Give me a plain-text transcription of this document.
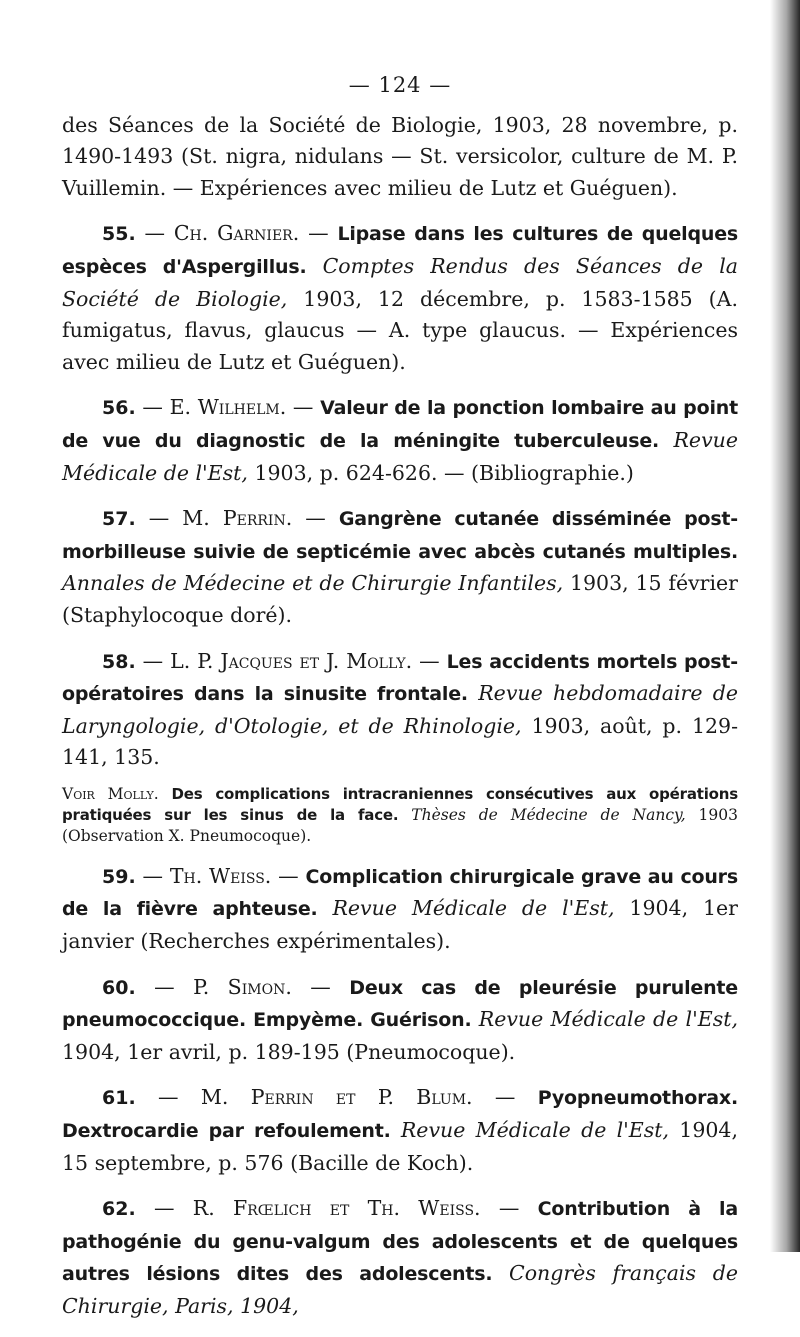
— 124 —

des Séances de la Société de Biologie, 1903, 28 novembre, p. 1490-1493 (St. nigra, nidulans — St. versicolor, culture de M. P. Vuillemin. — Expériences avec milieu de Lutz et Guéguen).

55. — Ch. Garnier. — Lipase dans les cultures de quelques espèces d'Aspergillus. Comptes Rendus des Séances de la Société de Biologie, 1903, 12 décembre, p. 1583-1585 (A. fumigatus, flavus, glaucus — A. type glaucus. — Expériences avec milieu de Lutz et Guéguen).

56. — E. Wilhelm. — Valeur de la ponction lombaire au point de vue du diagnostic de la méningite tuberculeuse. Revue Médicale de l'Est, 1903, p. 624-626. — (Bibliographie.)

57. — M. Perrin. — Gangrène cutanée disséminée post-morbilleuse suivie de septicémie avec abcès cutanés multiples. Annales de Médecine et de Chirurgie Infantiles, 1903, 15 février (Staphylocoque doré).

58. — L. P. Jacques et J. Molly. — Les accidents mortels post-opératoires dans la sinusite frontale. Revue hebdomadaire de Laryngologie, d'Otologie, et de Rhinologie, 1903, août, p. 129-141, 135.

Voir Molly. Des complications intracraniennes consécutives aux opérations pratiquées sur les sinus de la face. Thèses de Médecine de Nancy, 1903 (Observation X. Pneumocoque).

59. — Th. Weiss. — Complication chirurgicale grave au cours de la fièvre aphteuse. Revue Médicale de l'Est, 1904, 1er janvier (Recherches expérimentales).

60. — P. Simon. — Deux cas de pleurésie purulente pneumococcique. Empyème. Guérison. Revue Médicale de l'Est, 1904, 1er avril, p. 189-195 (Pneumocoque).

61. — M. Perrin et P. Blum. — Pyopneumothorax. Dextrocardie par refoulement. Revue Médicale de l'Est, 1904, 15 septembre, p. 576 (Bacille de Koch).

62. — R. Frœlich et Th. Weiss. — Contribution à la pathogénie du genu-valgum des adolescents et de quelques autres lésions dites des adolescents. Congrès français de Chirurgie, Paris, 1904,
